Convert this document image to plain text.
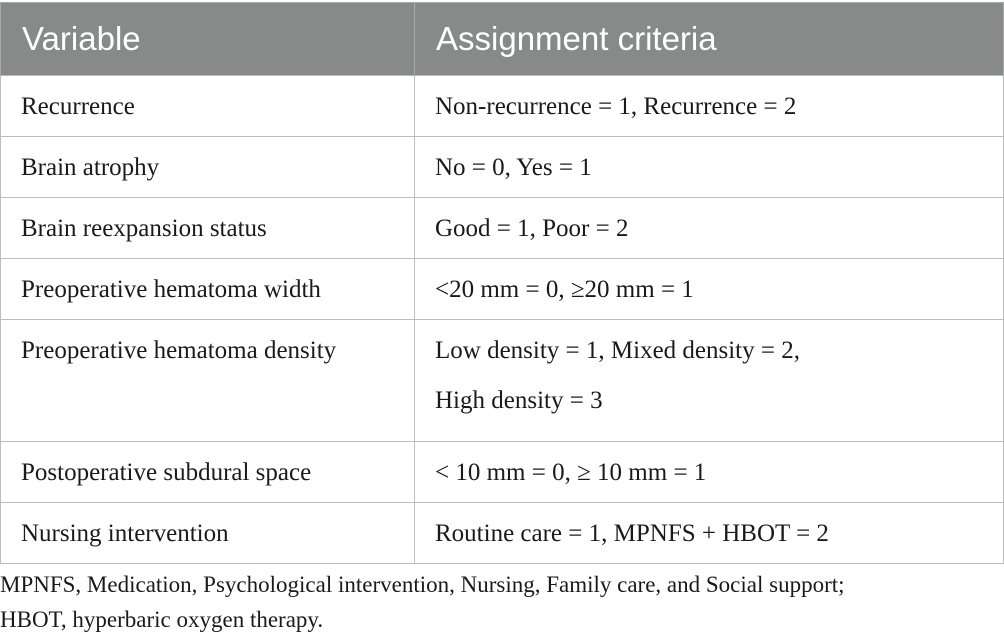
Variable	Assignment criteria

Recurrence	Non-recurrence = 1, Recurrence = 2

Brain atrophy	No = 0, Yes = 1

Brain reexpansion status	Good = 1, Poor = 2

Preoperative hematoma width	<20 mm = 0, ≥20 mm = 1

Preoperative hematoma density	Low density = 1, Mixed density = 2,
High density = 3

Postoperative subdural space	< 10 mm = 0, ≥ 10 mm = 1

Nursing intervention	Routine care = 1, MPNFS + HBOT = 2
MPNFS, Medication, Psychological intervention, Nursing, Family care, and Social support;
HBOT, hyperbaric oxygen therapy.
